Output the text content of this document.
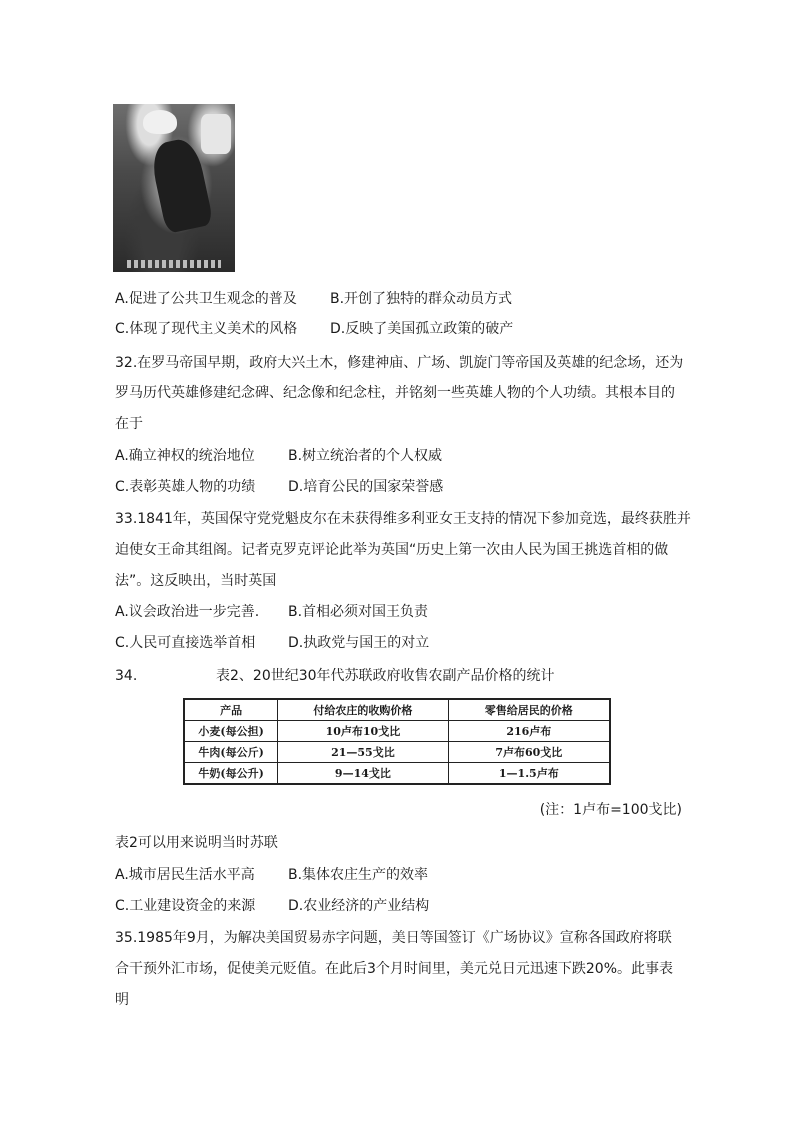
A.促进了公共卫生观念的普及 B.开创了独特的群众动员方式
C.体现了现代主义美术的风格 D.反映了美国孤立政策的破产
32.在罗马帝国早期，政府大兴土木，修建神庙、广场、凯旋门等帝国及英雄的纪念场，还为
罗马历代英雄修建纪念碑、纪念像和纪念柱，并铭刻一些英雄人物的个人功绩。其根本目的
在于
A.确立神权的统治地位 B.树立统治者的个人权威
C.表彰英雄人物的功绩 D.培育公民的国家荣誉感
33.1841年，英国保守党党魁皮尔在未获得维多利亚女王支持的情况下参加竞选，最终获胜并
迫使女王命其组阁。记者克罗克评论此举为英国“历史上第一次由人民为国王挑选首相的做
法”。这反映出，当时英国
A.议会政治进一步完善. B.首相必须对国王负责
C.人民可直接选举首相 D.执政党与国王的对立
34.	表2、20世纪30年代苏联政府收售农副产品价格的统计
产品	付给农庄的收购价格	零售给居民的价格
小麦(每公担)	10卢布10戈比	216卢布
牛肉(每公斤)	21—55戈比	7卢布60戈比
牛奶(每公升)	9—14戈比	1—1.5卢布
(注：1卢布=100戈比)
表2可以用来说明当时苏联
A.城市居民生活水平高 B.集体农庄生产的效率
C.工业建设资金的来源 D.农业经济的产业结构
35.1985年9月，为解决美国贸易赤字问题，美日等国签订《广场协议》宣称各国政府将联
合干预外汇市场，促使美元贬值。在此后3个月时间里，美元兑日元迅速下跌20%。此事表
明
